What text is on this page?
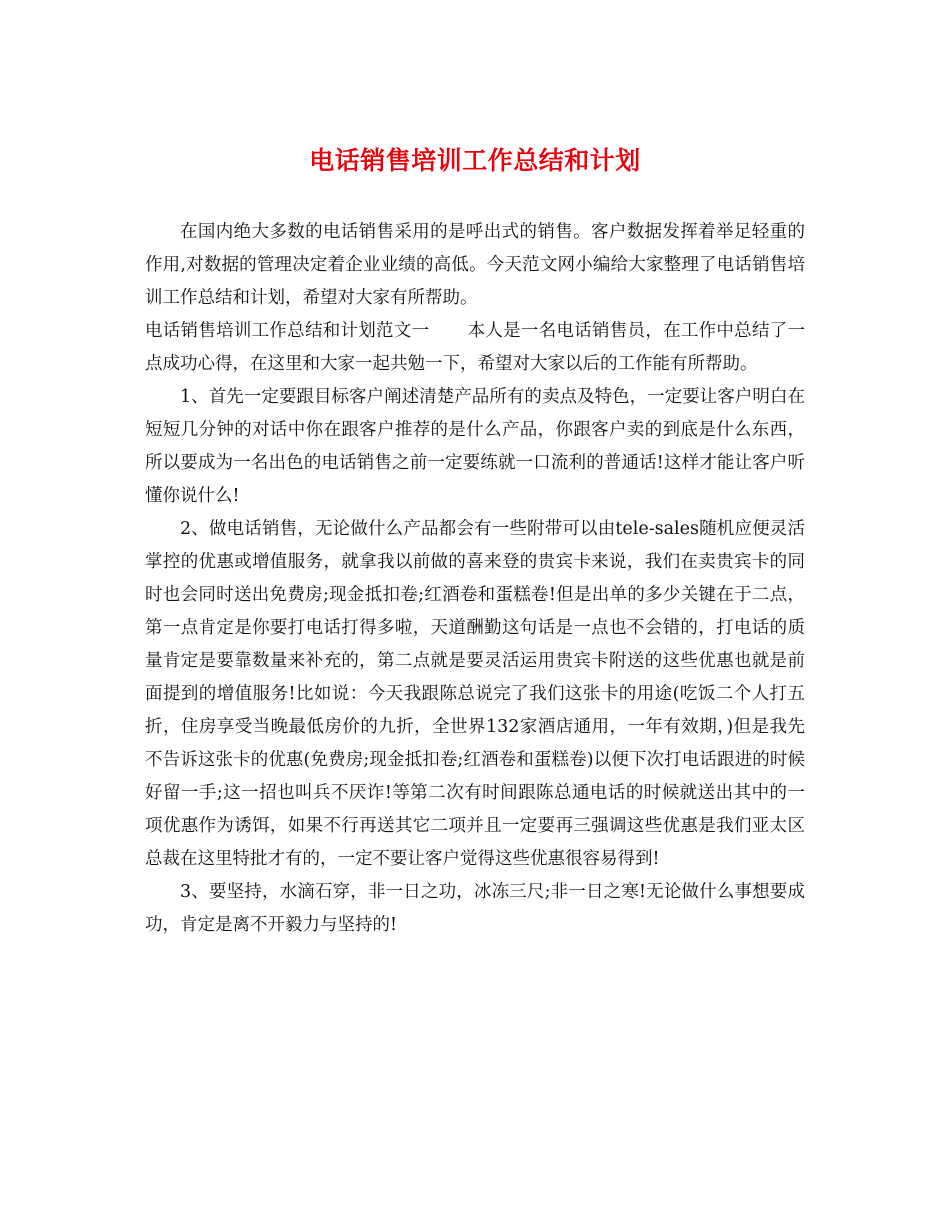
电话销售培训工作总结和计划

在国内绝大多数的电话销售采用的是呼出式的销售。客户数据发挥着举足轻重的作用,对数据的管理决定着企业业绩的高低。今天范文网小编给大家整理了电话销售培训工作总结和计划，希望对大家有所帮助。

电话销售培训工作总结和计划范文一 本人是一名电话销售员，在工作中总结了一点成功心得，在这里和大家一起共勉一下，希望对大家以后的工作能有所帮助。

1、首先一定要跟目标客户阐述清楚产品所有的卖点及特色，一定要让客户明白在短短几分钟的对话中你在跟客户推荐的是什么产品，你跟客户卖的到底是什么东西，所以要成为一名出色的电话销售之前一定要练就一口流利的普通话!这样才能让客户听懂你说什么!

2、做电话销售，无论做什么产品都会有一些附带可以由tele-sales随机应便灵活掌控的优惠或增值服务，就拿我以前做的喜来登的贵宾卡来说，我们在卖贵宾卡的同时也会同时送出免费房;现金抵扣卷;红酒卷和蛋糕卷!但是出单的多少关键在于二点，第一点肯定是你要打电话打得多啦，天道酬勤这句话是一点也不会错的，打电话的质量肯定是要靠数量来补充的，第二点就是要灵活运用贵宾卡附送的这些优惠也就是前面提到的增值服务!比如说：今天我跟陈总说完了我们这张卡的用途(吃饭二个人打五折，住房享受当晚最低房价的九折，全世界132家酒店通用，一年有效期，)但是我先不告诉这张卡的优惠(免费房;现金抵扣卷;红酒卷和蛋糕卷)以便下次打电话跟进的时候好留一手;这一招也叫兵不厌诈!等第二次有时间跟陈总通电话的时候就送出其中的一项优惠作为诱饵，如果不行再送其它二项并且一定要再三强调这些优惠是我们亚太区总裁在这里特批才有的，一定不要让客户觉得这些优惠很容易得到!

3、要坚持，水滴石穿，非一日之功，冰冻三尺;非一日之寒!无论做什么事想要成功，肯定是离不开毅力与坚持的!
